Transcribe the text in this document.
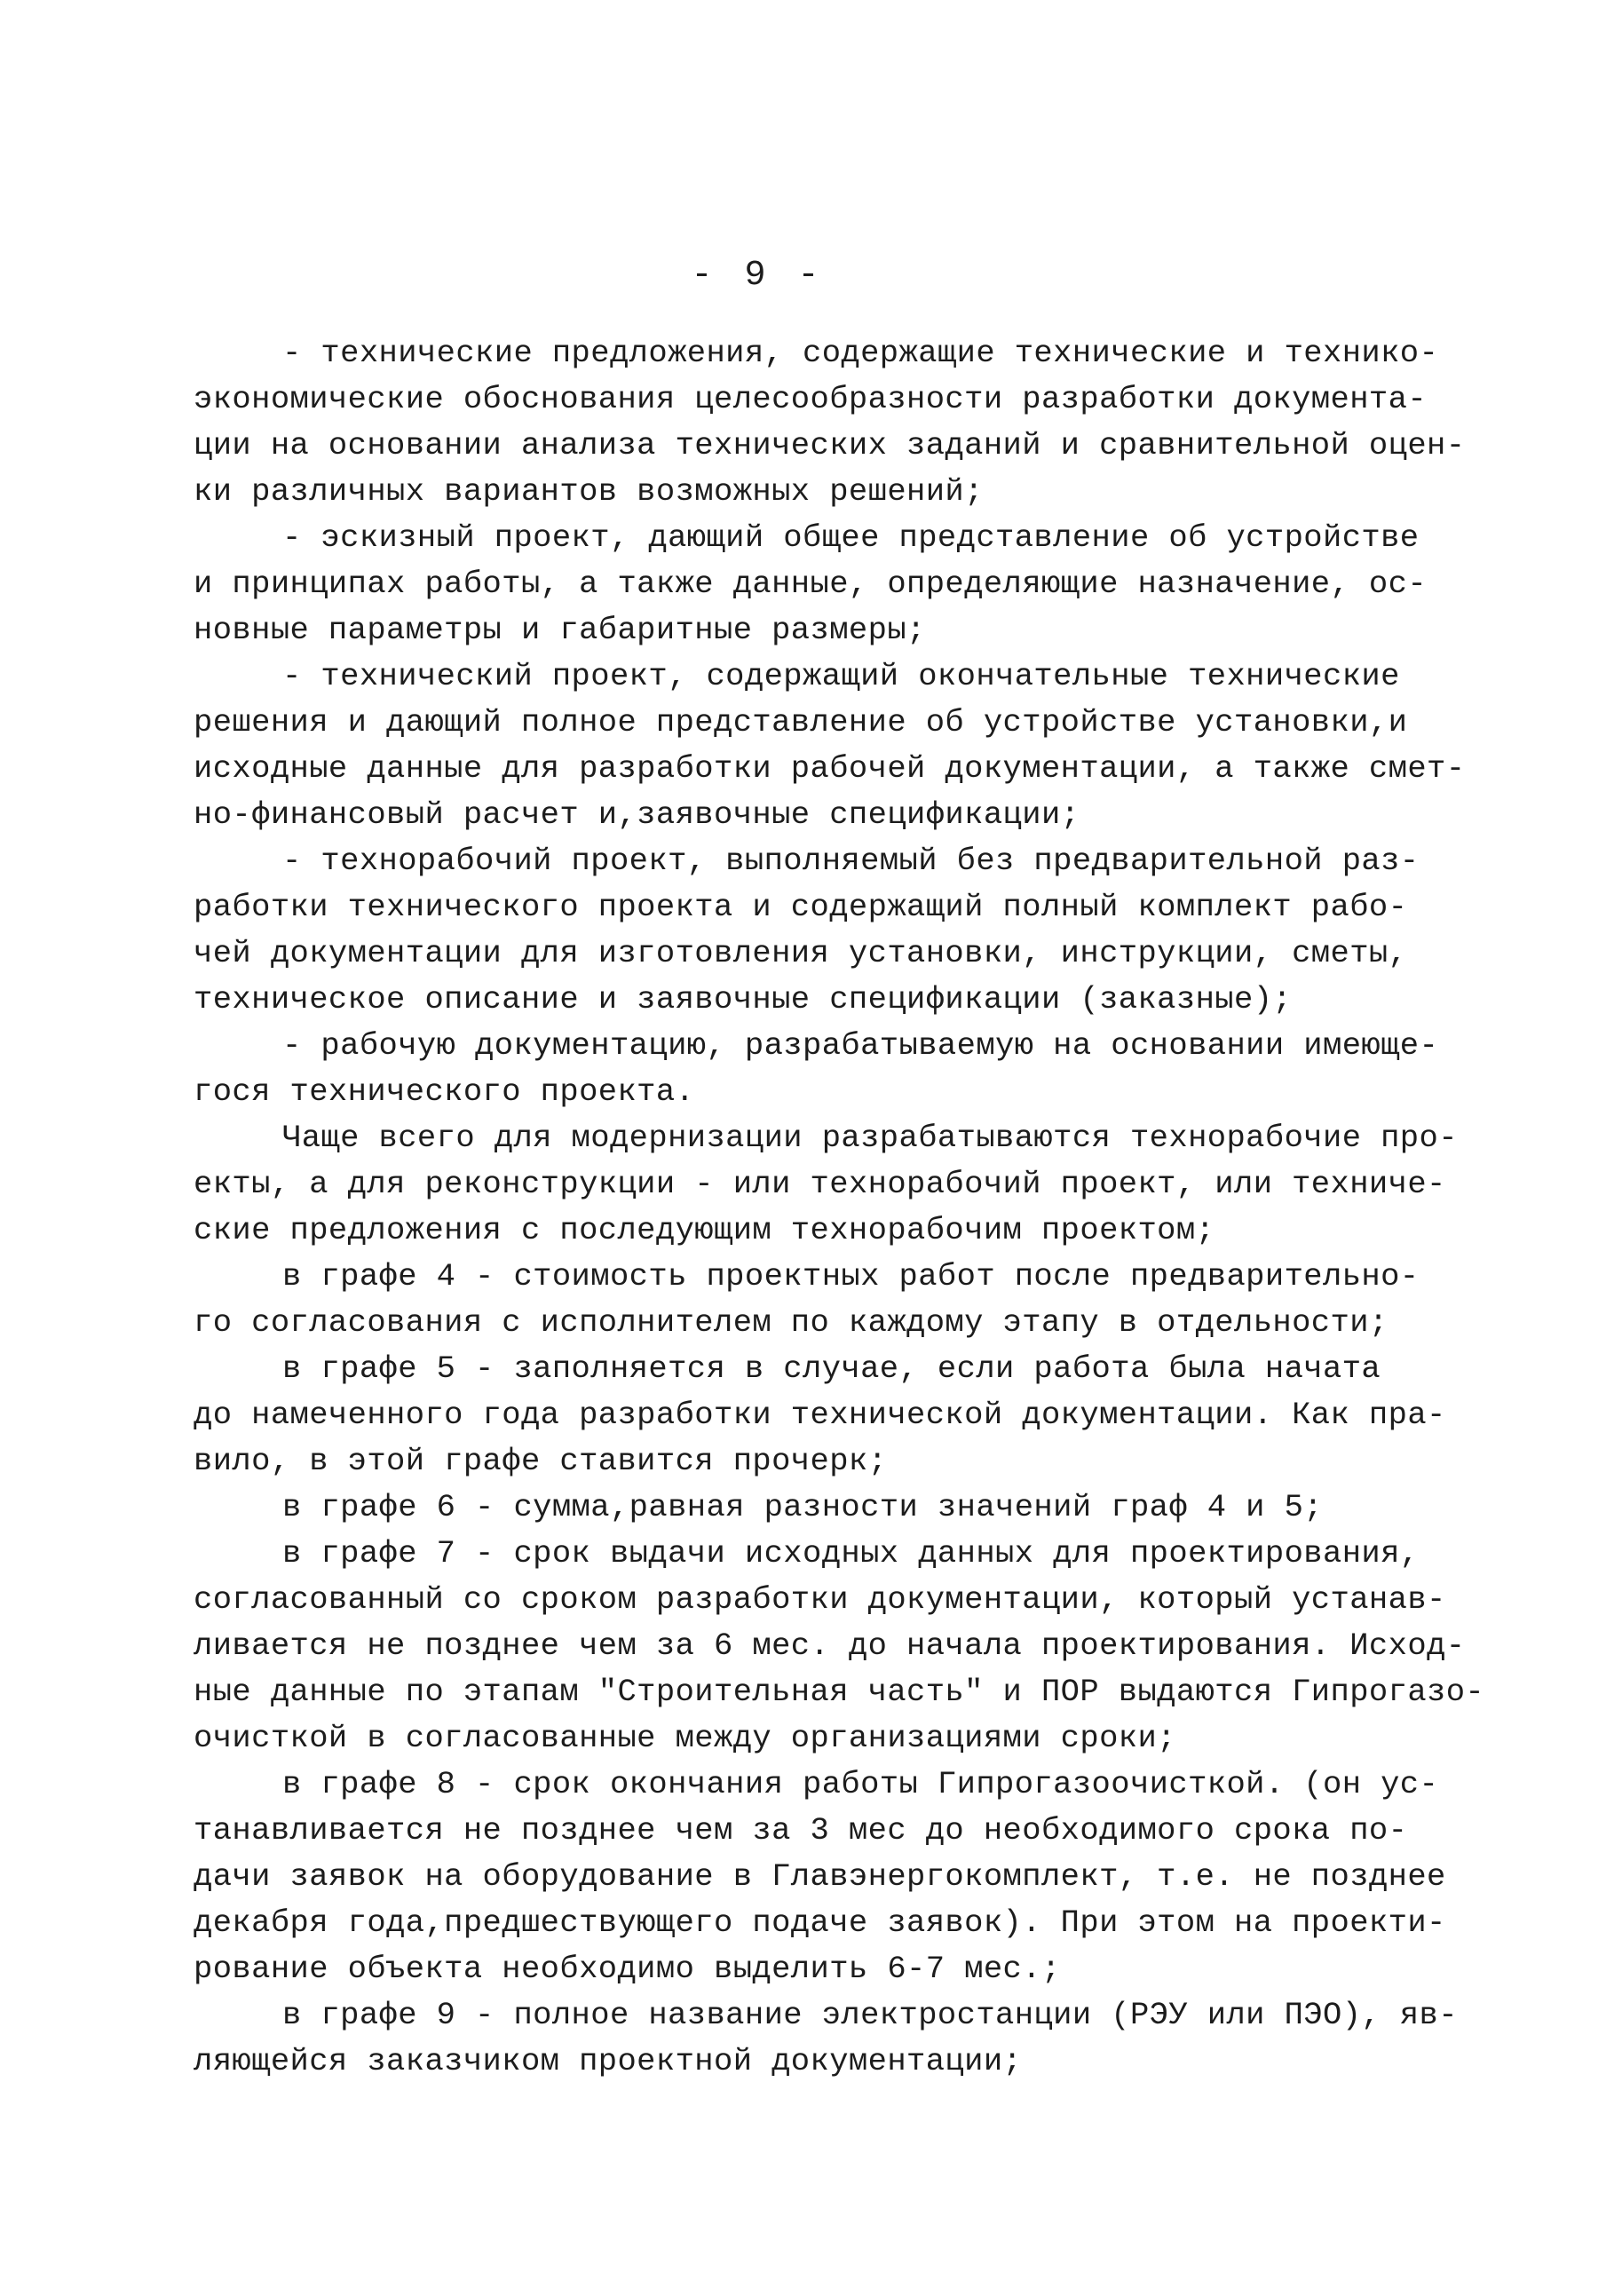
- 9 -
- технические предложения, содержащие технические и технико-
экономические обоснования целесообразности разработки документа-
ции на основании анализа технических заданий и сравнительной оцен-
ки различных вариантов возможных решений;
- эскизный проект, дающий общее представление об устройстве
и принципах работы, а также данные, определяющие назначение, ос-
новные параметры и габаритные размеры;
- технический проект, содержащий окончательные технические
решения и дающий полное представление об устройстве установки,и
исходные данные для разработки рабочей документации, а также смет-
но-финансовый расчет и,заявочные спецификации;
- технорабочий проект, выполняемый без предварительной раз-
работки технического проекта и содержащий полный комплект рабо-
чей документации для изготовления установки, инструкции, сметы,
техническое описание и заявочные спецификации (заказные);
- рабочую документацию, разрабатываемую на основании имеюще-
гося технического проекта.
Чаще всего для модернизации разрабатываются технорабочие про-
екты, а для реконструкции - или технорабочий проект, или техниче-
ские предложения с последующим технорабочим проектом;
в графе 4 - стоимость проектных работ после предварительно-
го согласования с исполнителем по каждому этапу в отдельности;
в графе 5 - заполняется в случае, если работа была начата
до намеченного года разработки технической документации. Как пра-
вило, в этой графе ставится прочерк;
в графе 6 - сумма,равная разности значений граф 4 и 5;
в графе 7 - срок выдачи исходных данных для проектирования,
согласованный со сроком разработки документации, который устанав-
ливается не позднее чем за 6 мес. до начала проектирования. Исход-
ные данные по этапам "Строительная часть" и ПОР выдаются Гипрогазо-
очисткой в согласованные между организациями сроки;
в графе 8 - срок окончания работы Гипрогазоочисткой. (он ус-
танавливается не позднее чем за 3 мес до необходимого срока по-
дачи заявок на оборудование в Главэнергокомплект, т.е. не позднее
декабря года,предшествующего подаче заявок). При этом на проекти-
рование объекта необходимо выделить 6-7 мес.;
в графе 9 - полное название электростанции (РЭУ или ПЭО), яв-
ляющейся заказчиком проектной документации;
